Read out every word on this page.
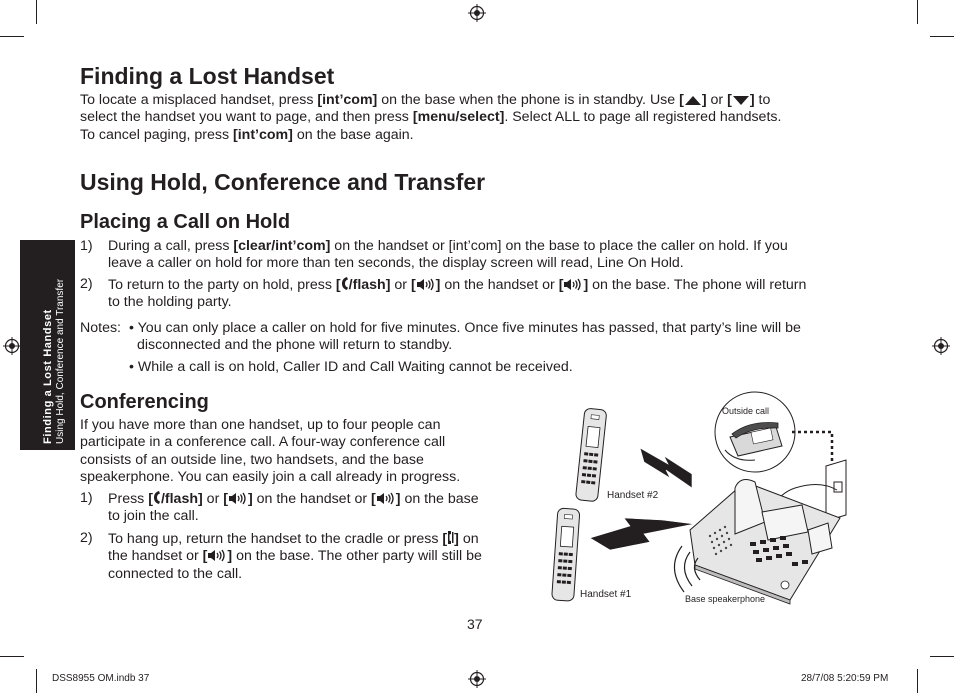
Finding a Lost Handset Using Hold, Conference and Transfer
Finding a Lost Handset
To locate a misplaced handset, press [int’com] on the base when the phone is in standby. Use [ ] or [ ] to
select the handset you want to page, and then press [menu/select]. Select ALL to page all registered handsets.
To cancel paging, press [int’com] on the base again.
Using Hold, Conference and Transfer
Placing a Call on Hold
1) During a call, press [clear/int’com] on the handset or [int’com] on the base to place the caller on hold. If you
leave a caller on hold for more than ten seconds, the display screen will read, Line On Hold.
2) To return to the party on hold, press [ /flash] or [ ] on the handset or [ ] on the base. The phone will return
to the holding party.
Notes: • You can only place a caller on hold for five minutes. Once five minutes has passed, that party’s line will be
disconnected and the phone will return to standby.
• While a call is on hold, Caller ID and Call Waiting cannot be received.
Conferencing
If you have more than one handset, up to four people can
participate in a conference call. A four-way conference call
consists of an outside line, two handsets, and the base
speakerphone. You can easily join a call already in progress.
1) Press [ /flash] or [ ] on the handset or [ ] on the base
to join the call.
2) To hang up, return the handset to the cradle or press [ ] on
the handset or [ ] on the base. The other party will still be
connected to the call.
Outside call
Handset #2
Handset #1	Base speakerphone
37
DSS8955 OM.indb 37	28/7/08 5:20:59 PM
